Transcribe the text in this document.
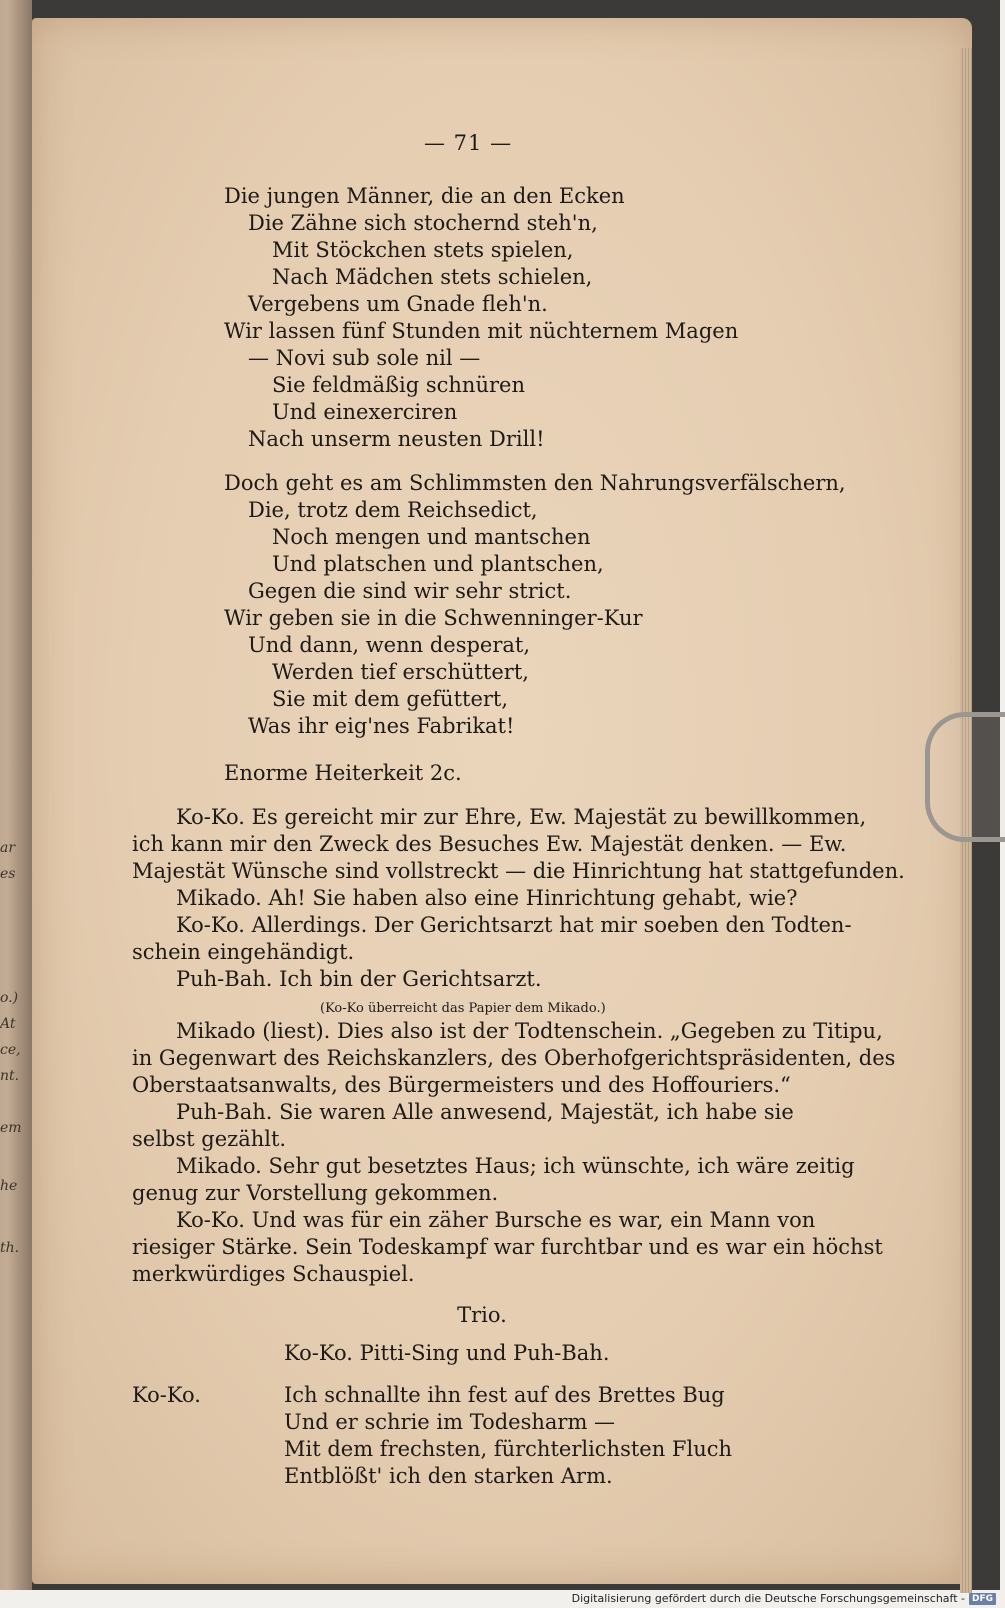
ar
es
o.)
At
ce,
nt.
em
he
th.
— 71 —
Die jungen Männer, die an den Ecken
Die Zähne sich stochernd steh'n,
Mit Stöckchen stets spielen,
Nach Mädchen stets schielen,
Vergebens um Gnade fleh'n.
Wir lassen fünf Stunden mit nüchternem Magen
— Novi sub sole nil —
Sie feldmäßig schnüren
Und einexerciren
Nach unserm neusten Drill!
Doch geht es am Schlimmsten den Nahrungsverfälschern,
Die, trotz dem Reichsedict,
Noch mengen und mantschen
Und platschen und plantschen,
Gegen die sind wir sehr strict.
Wir geben sie in die Schwenninger-Kur
Und dann, wenn desperat,
Werden tief erschüttert,
Sie mit dem gefüttert,
Was ihr eig'nes Fabrikat!
Enorme Heiterkeit 2c.
Ko-Ko. Es gereicht mir zur Ehre, Ew. Majestät zu bewillkommen,
ich kann mir den Zweck des Besuches Ew. Majestät denken. — Ew.
Majestät Wünsche sind vollstreckt — die Hinrichtung hat stattgefunden.
Mikado. Ah! Sie haben also eine Hinrichtung gehabt, wie?
Ko-Ko. Allerdings. Der Gerichtsarzt hat mir soeben den Todten-
schein eingehändigt.
Puh-Bah. Ich bin der Gerichtsarzt.
(Ko-Ko überreicht das Papier dem Mikado.)
Mikado (liest). Dies also ist der Todtenschein. „Gegeben zu Titipu,
in Gegenwart des Reichskanzlers, des Oberhofgerichtspräsidenten, des
Oberstaatsanwalts, des Bürgermeisters und des Hoffouriers.“
Puh-Bah. Sie waren Alle anwesend, Majestät, ich habe sie
selbst gezählt.
Mikado. Sehr gut besetztes Haus; ich wünschte, ich wäre zeitig
genug zur Vorstellung gekommen.
Ko-Ko. Und was für ein zäher Bursche es war, ein Mann von
riesiger Stärke. Sein Todeskampf war furchtbar und es war ein höchst
merkwürdiges Schauspiel.
Trio.
Ko-Ko. Pitti-Sing und Puh-Bah.
Ko-Ko.	Ich schnallte ihn fest auf des Brettes Bug
Und er schrie im Todesharm —
Mit dem frechsten, fürchterlichsten Fluch
Entblößt' ich den starken Arm.
Digitalisierung gefördert durch die Deutsche Forschungsgemeinschaft - DFG
